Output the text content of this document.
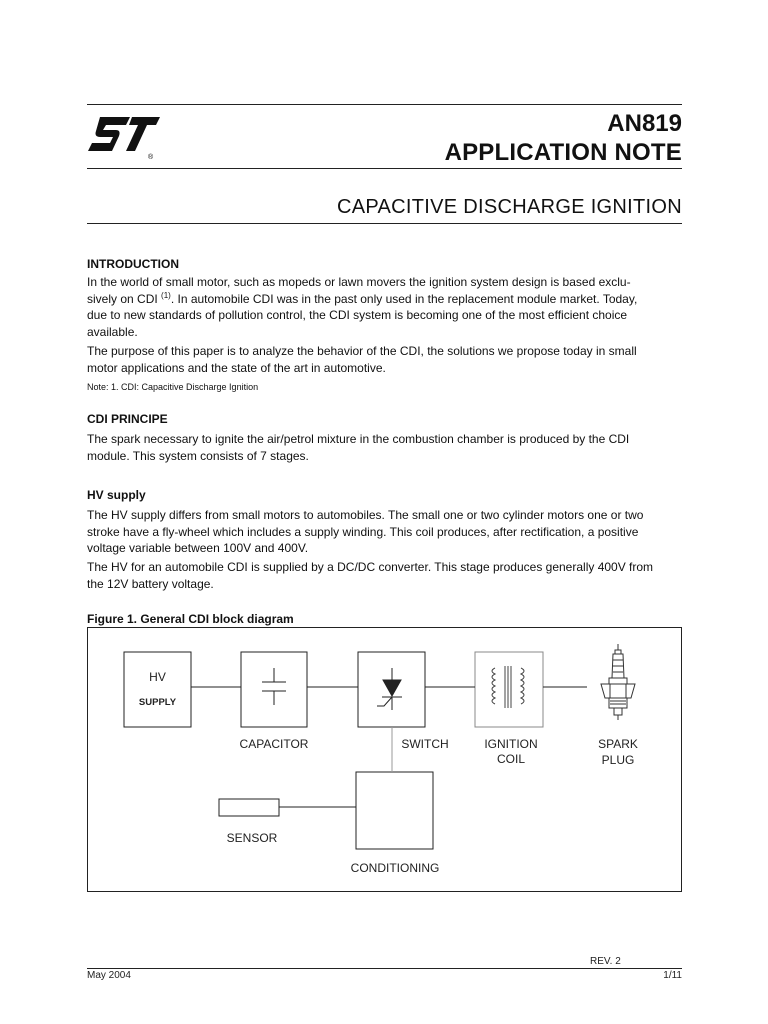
®
AN819
APPLICATION NOTE
CAPACITIVE DISCHARGE IGNITION
INTRODUCTION
In the world of small motor, such as mopeds or lawn movers the ignition system design is based exclu-
sively on CDI $^{(1)}$. In automobile CDI was in the past only used in the replacement module market. Today,
due to new standards of pollution control, the CDI system is becoming one of the most efficient choice
available.
The purpose of this paper is to analyze the behavior of the CDI, the solutions we propose today in small
motor applications and the state of the art in automotive.
Note: 1. CDI: Capacitive Discharge Ignition
CDI PRINCIPE
The spark necessary to ignite the air/petrol mixture in the combustion chamber is produced by the CDI
module. This system consists of 7 stages.
HV supply
The HV supply differs from small motors to automobiles. The small one or two cylinder motors one or two
stroke have a fly-wheel which includes a supply winding. This coil produces, after rectification, a positive
voltage variable between 100V and 400V.
The HV for an automobile CDI is supplied by a DC/DC converter. This stage produces generally 400V from
the 12V battery voltage.
Figure 1. General CDI block diagram
HV
SUPPLY
CAPACITOR	SWITCH	IGNITION
COIL
SPARK
PLUG
SENSOR
CONDITIONING
REV. 2
May 2004	1/11
